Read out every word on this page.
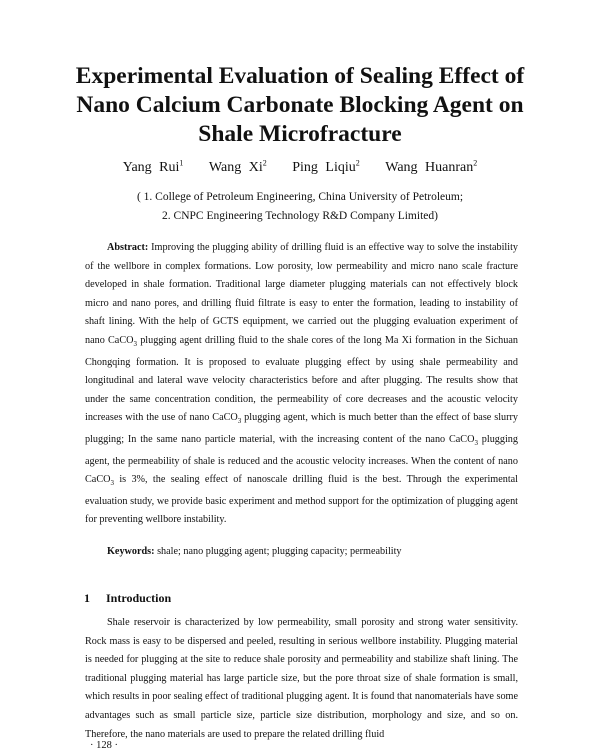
Experimental Evaluation of Sealing Effect of
Nano Calcium Carbonate Blocking Agent on
Shale Microfracture
Yang Rui$^1$ Wang Xi$^2$ Ping Liqiu$^2$ Wang Huanran$^2$
( 1. College of Petroleum Engineering, China University of Petroleum;
2. CNPC Engineering Technology R&D Company Limited)

Abstract: Improving the plugging ability of drilling fluid is an effective way to solve the instability of the wellbore in complex formations. Low porosity, low permeability and micro nano scale fracture developed in shale formation. Traditional large diameter plugging materials can not effectively block micro and nano pores, and drilling fluid filtrate is easy to enter the formation, leading to instability of shaft lining. With the help of GCTS equipment, we carried out the plugging evaluation experiment of nano CaCO$_3$ plugging agent drilling fluid to the shale cores of the long Ma Xi formation in the Sichuan Chongqing formation. It is proposed to evaluate plugging effect by using shale permeability and longitudinal and lateral wave velocity characteristics before and after plugging. The results show that under the same concentration condition, the permeability of core decreases and the acoustic velocity increases with the use of nano CaCO$_3$ plugging agent, which is much better than the effect of base slurry plugging; In the same nano particle material, with the increasing content of the nano CaCO$_3$ plugging agent, the permeability of shale is reduced and the acoustic velocity increases. When the content of nano CaCO$_3$ is 3%, the sealing effect of nanoscale drilling fluid is the best. Through the experimental evaluation study, we provide basic experiment and method support for the optimization of plugging agent for preventing wellbore instability.

Keywords: shale; nano plugging agent; plugging capacity; permeability
1 Introduction

Shale reservoir is characterized by low permeability, small porosity and strong water sensitivity. Rock mass is easy to be dispersed and peeled, resulting in serious wellbore instability. Plugging material is needed for plugging at the site to reduce shale porosity and permeability and stabilize shaft lining. The traditional plugging material has large particle size, but the pore throat size of shale formation is small, which results in poor sealing effect of traditional plugging agent. It is found that nanomaterials have some advantages such as small particle size, particle size distribution, morphology and size, and so on. Therefore, the nano materials are used to prepare the related drilling fluid

· 128 ·
